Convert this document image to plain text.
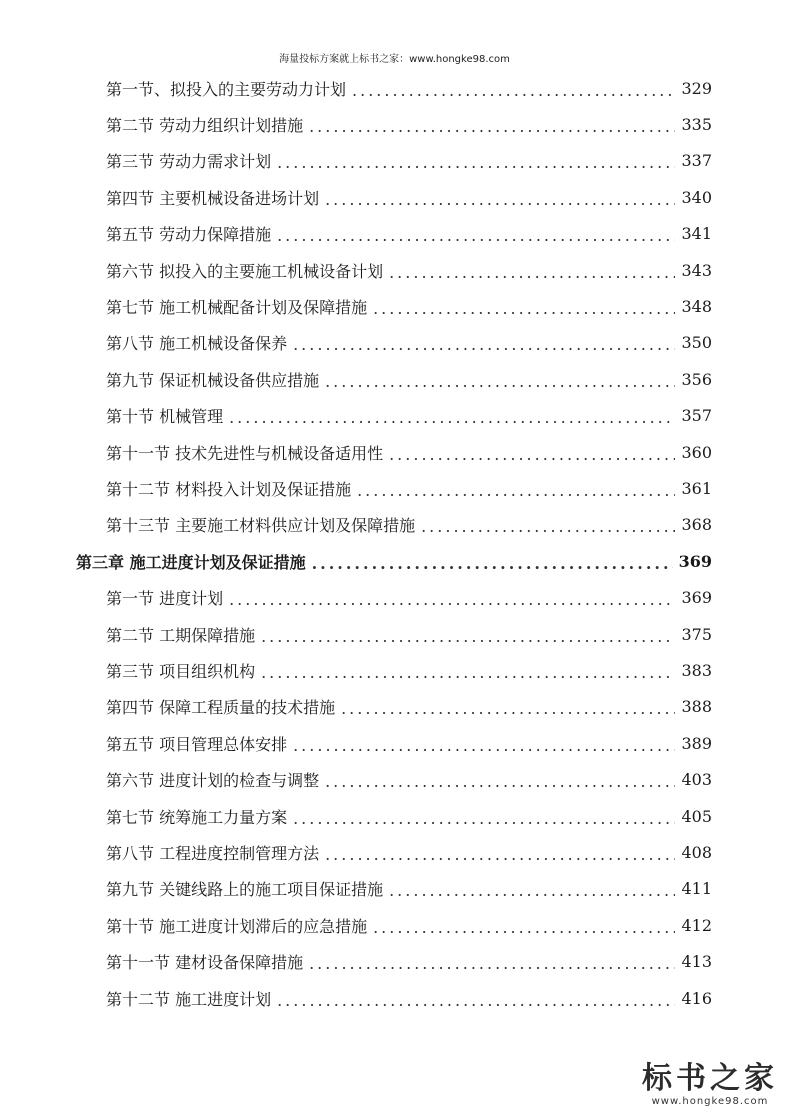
海量投标方案就上标书之家：www.hongke98.com
第一节、拟投入的主要劳动力计划 .....	329
第二节 劳动力组织计划措施 .....	335
第三节 劳动力需求计划 .....	337
第四节 主要机械设备进场计划 .....	340
第五节 劳动力保障措施 .....	341
第六节 拟投入的主要施工机械设备计划 .....	343
第七节 施工机械配备计划及保障措施 .....	348
第八节 施工机械设备保养 .....	350
第九节 保证机械设备供应措施 .....	356
第十节 机械管理 .....	357
第十一节 技术先进性与机械设备适用性 .....	360
第十二节 材料投入计划及保证措施 .....	361
第十三节 主要施工材料供应计划及保障措施 .....	368
第三章 施工进度计划及保证措施 .....	369
第一节 进度计划 .....	369
第二节 工期保障措施 .....	375
第三节 项目组织机构 .....	383
第四节 保障工程质量的技术措施 .....	388
第五节 项目管理总体安排 .....	389
第六节 进度计划的检查与调整 .....	403
第七节 统筹施工力量方案 .....	405
第八节 工程进度控制管理方法 .....	408
第九节 关键线路上的施工项目保证措施 .....	411
第十节 施工进度计划滞后的应急措施 .....	412
第十一节 建材设备保障措施 .....	413
第十二节 施工进度计划 .....	416
标书之家
www.hongke98.com
